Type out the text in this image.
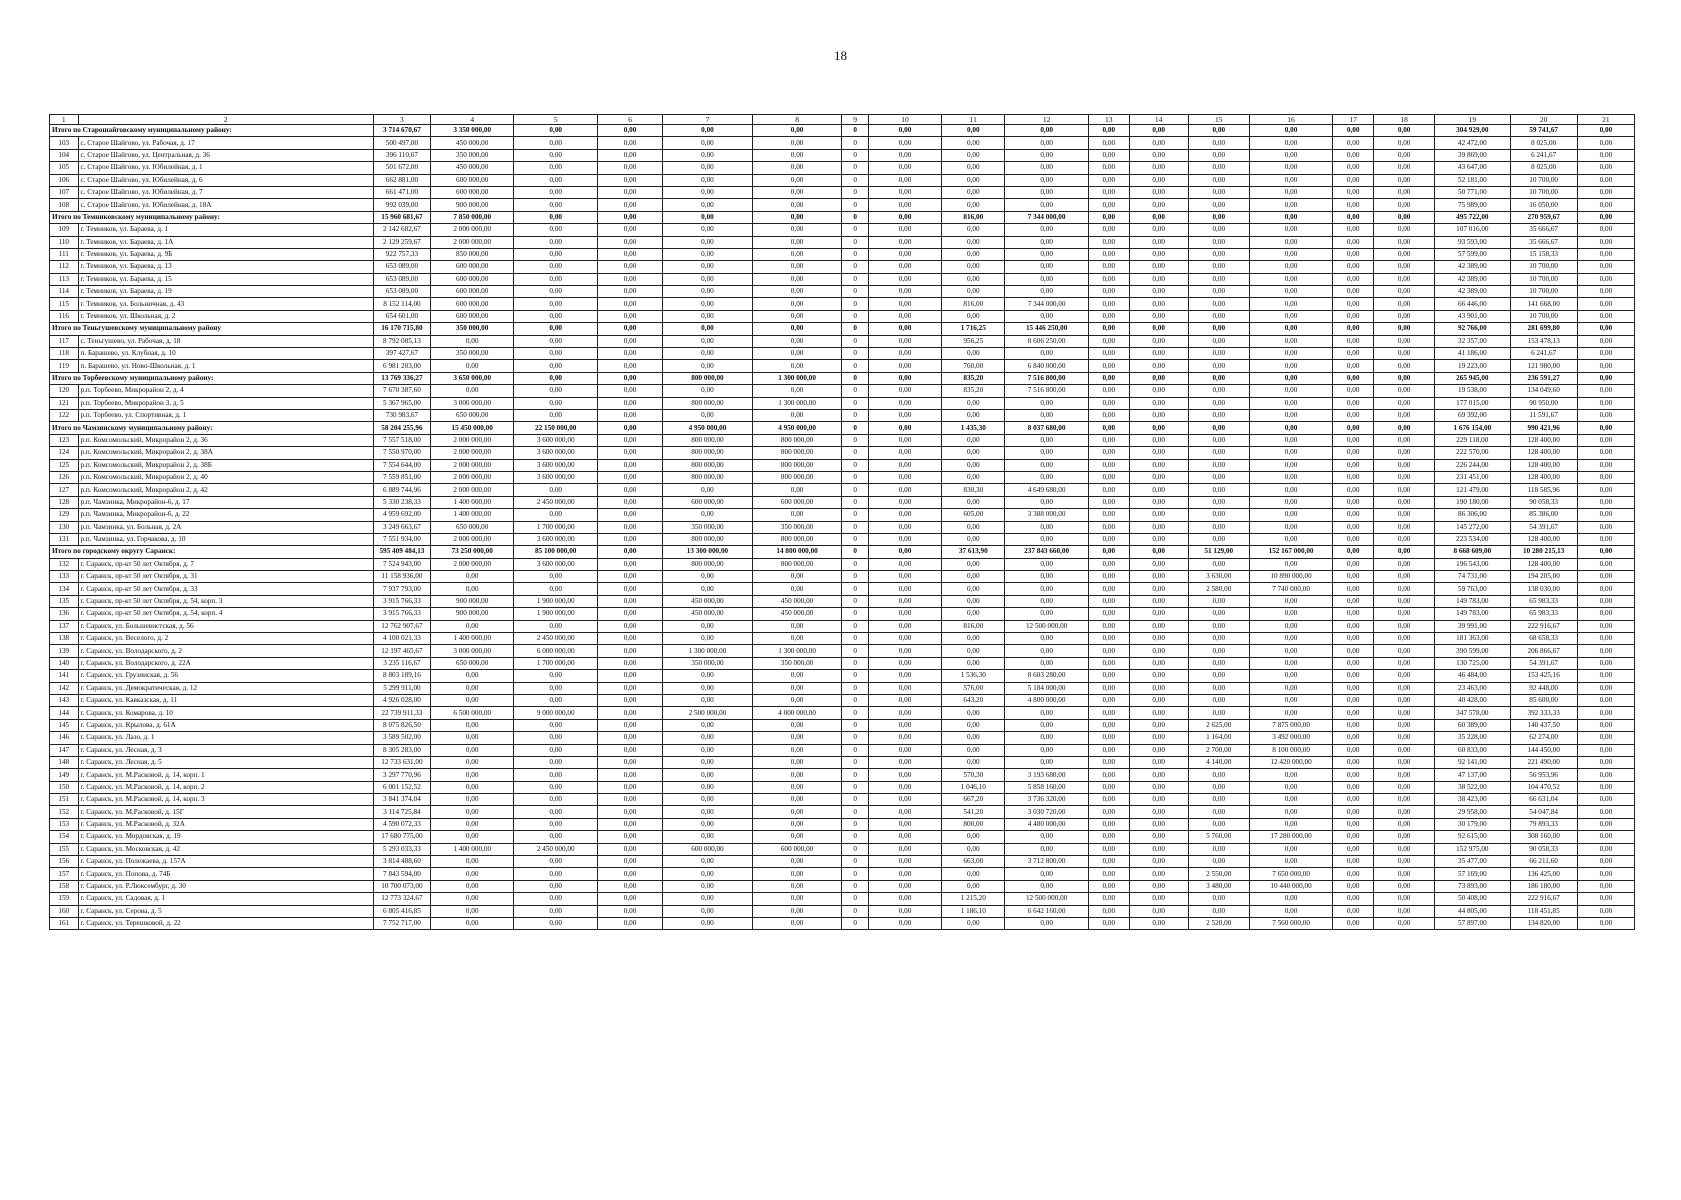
18
1	2	3	4	5	6	7	8	9	10	11	12	13	14	15	16	17	18	19	20	21
Итого по Старошайговскому муниципальному району:		3 714 670,67	3 350 000,00	0,00	0,00	0,00	0,00	0	0,00	0,00	0,00	0,00	0,00	0,00	0,00	0,00	0,00	304 929,00	59 741,67	0,00
103	с. Старое Шайгово, ул. Рабочая, д. 17	500 497,00	450 000,00	0,00	0,00	0,00	0,00	0	0,00	0,00	0,00	0,00	0,00	0,00	0,00	0,00	0,00	42 472,00	8 025,00	0,00
104	с. Старое Шайгово, ул. Центральная, д. 36	396 110,67	350 000,00	0,00	0,00	0,00	0,00	0	0,00	0,00	0,00	0,00	0,00	0,00	0,00	0,00	0,00	39 869,00	6 241,67	0,00
105	с. Старое Шайгово, ул. Юбилейная, д. 1	501 672,00	450 000,00	0,00	0,00	0,00	0,00	0	0,00	0,00	0,00	0,00	0,00	0,00	0,00	0,00	0,00	43 647,00	8 025,00	0,00
106	с. Старое Шайгово, ул. Юбилейная, д. 6	662 881,00	600 000,00	0,00	0,00	0,00	0,00	0	0,00	0,00	0,00	0,00	0,00	0,00	0,00	0,00	0,00	52 181,00	10 700,00	0,00
107	с. Старое Шайгово, ул. Юбилейная, д. 7	661 471,00	600 000,00	0,00	0,00	0,00	0,00	0	0,00	0,00	0,00	0,00	0,00	0,00	0,00	0,00	0,00	50 771,00	10 700,00	0,00
108	с. Старое Шайгово, ул. Юбилейная, д. 18А	992 039,00	900 000,00	0,00	0,00	0,00	0,00	0	0,00	0,00	0,00	0,00	0,00	0,00	0,00	0,00	0,00	75 989,00	16 050,00	0,00
Итого по Темниковскому муниципальному району:		15 960 681,67	7 850 000,00	0,00	0,00	0,00	0,00	0	0,00	816,00	7 344 000,00	0,00	0,00	0,00	0,00	0,00	0,00	495 722,00	270 959,67	0,00
109	г. Темников, ул. Бараева, д. 1	2 142 682,67	2 000 000,00	0,00	0,00	0,00	0,00	0	0,00	0,00	0,00	0,00	0,00	0,00	0,00	0,00	0,00	107 016,00	35 666,67	0,00
110	г. Темников, ул. Бараева, д. 1А	2 129 259,67	2 000 000,00	0,00	0,00	0,00	0,00	0	0,00	0,00	0,00	0,00	0,00	0,00	0,00	0,00	0,00	93 593,00	35 666,67	0,00
111	г. Темников, ул. Бараева, д. 9Б	922 757,33	850 000,00	0,00	0,00	0,00	0,00	0	0,00	0,00	0,00	0,00	0,00	0,00	0,00	0,00	0,00	57 599,00	15 158,33	0,00
112	г. Темников, ул. Бараева, д. 13	653 089,00	600 000,00	0,00	0,00	0,00	0,00	0	0,00	0,00	0,00	0,00	0,00	0,00	0,00	0,00	0,00	42 389,00	10 700,00	0,00
113	г. Темников, ул. Бараева, д. 15	653 089,00	600 000,00	0,00	0,00	0,00	0,00	0	0,00	0,00	0,00	0,00	0,00	0,00	0,00	0,00	0,00	42 389,00	10 700,00	0,00
114	г. Темников, ул. Бараева, д. 19	653 089,00	600 000,00	0,00	0,00	0,00	0,00	0	0,00	0,00	0,00	0,00	0,00	0,00	0,00	0,00	0,00	42 389,00	10 700,00	0,00
115	г. Темников, ул. Больничная, д. 43	8 152 114,00	600 000,00	0,00	0,00	0,00	0,00	0	0,00	816,00	7 344 000,00	0,00	0,00	0,00	0,00	0,00	0,00	66 446,00	141 668,00	0,00
116	г. Темников, ул. Школьная, д. 2	654 601,00	600 000,00	0,00	0,00	0,00	0,00	0	0,00	0,00	0,00	0,00	0,00	0,00	0,00	0,00	0,00	43 901,00	10 700,00	0,00
Итого по Теньгушевскому муниципальному району		16 170 715,80	350 000,00	0,00	0,00	0,00	0,00	0	0,00	1 716,25	15 446 250,00	0,00	0,00	0,00	0,00	0,00	0,00	92 766,00	281 699,80	0,00
117	с. Теньгушево, ул. Рабочая, д. 18	8 792 085,13	0,00	0,00	0,00	0,00	0,00	0	0,00	956,25	8 606 250,00	0,00	0,00	0,00	0,00	0,00	0,00	32 357,00	153 478,13	0,00
118	п. Барашево, ул. Клубная, д. 10	397 427,67	350 000,00	0,00	0,00	0,00	0,00	0	0,00	0,00	0,00	0,00	0,00	0,00	0,00	0,00	0,00	41 186,00	6 241,67	0,00
119	п. Барашево, ул. Ново-Школьная, д. 1	6 981 203,00	0,00	0,00	0,00	0,00	0,00	0	0,00	760,00	6 840 000,00	0,00	0,00	0,00	0,00	0,00	0,00	19 223,00	121 980,00	0,00
Итого по Торбеевскому муниципальному району:		13 769 336,27	3 650 000,00	0,00	0,00	800 000,00	1 300 000,00	0	0,00	835,20	7 516 800,00	0,00	0,00	0,00	0,00	0,00	0,00	265 945,00	236 591,27	0,00
120	р.п. Торбеево, Микрорайон 2, д. 4	7 670 387,60	0,00	0,00	0,00	0,00	0,00	0	0,00	835,20	7 516 800,00	0,00	0,00	0,00	0,00	0,00	0,00	19 538,00	134 049,60	0,00
121	р.п. Торбеево, Микрорайон 3, д. 5	5 367 965,00	3 000 000,00	0,00	0,00	800 000,00	1 300 000,00	0	0,00	0,00	0,00	0,00	0,00	0,00	0,00	0,00	0,00	177 015,00	90 950,00	0,00
122	р.п. Торбеево, ул. Спортивная, д. 1	730 983,67	650 000,00	0,00	0,00	0,00	0,00	0	0,00	0,00	0,00	0,00	0,00	0,00	0,00	0,00	0,00	69 392,00	11 591,67	0,00
Итого по Чамзинскому муниципальному району:		58 204 255,96	15 450 000,00	22 150 000,00	0,00	4 950 000,00	4 950 000,00	0	0,00	1 435,30	8 037 680,00	0,00	0,00	0,00	0,00	0,00	0,00	1 676 154,00	990 421,96	0,00
123	р.п. Комсомольский, Микрорайон 2, д. 36	7 557 518,00	2 000 000,00	3 600 000,00	0,00	800 000,00	800 000,00	0	0,00	0,00	0,00	0,00	0,00	0,00	0,00	0,00	0,00	229 118,00	128 400,00	0,00
124	р.п. Комсомольский, Микрорайон 2, д. 38А	7 550 970,00	2 000 000,00	3 600 000,00	0,00	800 000,00	800 000,00	0	0,00	0,00	0,00	0,00	0,00	0,00	0,00	0,00	0,00	222 570,00	128 400,00	0,00
125	р.п. Комсомольский, Микрорайон 2, д. 38Б	7 554 644,00	2 000 000,00	3 600 000,00	0,00	800 000,00	800 000,00	0	0,00	0,00	0,00	0,00	0,00	0,00	0,00	0,00	0,00	226 244,00	128 400,00	0,00
126	р.п. Комсомольский, Микрорайон 2, д. 40	7 559 851,00	2 000 000,00	3 600 000,00	0,00	800 000,00	800 000,00	0	0,00	0,00	0,00	0,00	0,00	0,00	0,00	0,00	0,00	231 451,00	128 400,00	0,00
127	р.п. Комсомольский, Микрорайон 2, д. 42	6 889 744,96	2 000 000,00	0,00	0,00	0,00	0,00	0	0,00	830,30	4 649 680,00	0,00	0,00	0,00	0,00	0,00	0,00	121 479,00	118 585,96	0,00
128	р.п. Чамзинка, Микрорайон-6, д. 17	5 330 238,33	1 400 000,00	2 450 000,00	0,00	600 000,00	600 000,00	0	0,00	0,00	0,00	0,00	0,00	0,00	0,00	0,00	0,00	190 180,00	90 058,33	0,00
129	р.п. Чамзинка, Микрорайон-6, д. 22	4 959 692,00	1 400 000,00	0,00	0,00	0,00	0,00	0	0,00	605,00	3 388 000,00	0,00	0,00	0,00	0,00	0,00	0,00	86 306,00	85 386,00	0,00
130	р.п. Чамзинка, ул. Больная, д. 2А	3 249 663,67	650 000,00	1 700 000,00	0,00	350 000,00	350 000,00	0	0,00	0,00	0,00	0,00	0,00	0,00	0,00	0,00	0,00	145 272,00	54 391,67	0,00
131	р.п. Чамзинка, ул. Горчакова, д. 10	7 551 934,00	2 000 000,00	3 600 000,00	0,00	800 000,00	800 000,00	0	0,00	0,00	0,00	0,00	0,00	0,00	0,00	0,00	0,00	223 534,00	128 400,00	0,00
Итого по городскому округу Саранск:		595 409 484,13	73 250 000,00	85 100 000,00	0,00	13 300 000,00	14 800 000,00	0	0,00	37 613,90	237 843 660,00	0,00	0,00	51 129,00	152 167 000,00	0,00	0,00	8 668 609,00	10 280 215,13	0,00
132	г. Саранск, пр-кт 50 лет Октября, д. 7	7 524 943,00	2 000 000,00	3 600 000,00	0,00	800 000,00	800 000,00	0	0,00	0,00	0,00	0,00	0,00	0,00	0,00	0,00	0,00	196 543,00	128 400,00	0,00
133	г. Саранск, пр-кт 50 лет Октября, д. 31	11 158 936,00	0,00	0,00	0,00	0,00	0,00	0	0,00	0,00	0,00	0,00	0,00	3 630,00	10 890 000,00	0,00	0,00	74 731,00	194 205,00	0,00
134	г. Саранск, пр-кт 50 лет Октября, д. 33	7 937 793,00	0,00	0,00	0,00	0,00	0,00	0	0,00	0,00	0,00	0,00	0,00	2 580,00	7 740 000,00	0,00	0,00	59 763,00	138 030,00	0,00
135	г. Саранск, пр-кт 50 лет Октября, д. 54, корп. 3	3 915 766,33	900 000,00	1 900 000,00	0,00	450 000,00	450 000,00	0	0,00	0,00	0,00	0,00	0,00	0,00	0,00	0,00	0,00	149 783,00	65 983,33	0,00
136	г. Саранск, пр-кт 50 лет Октября, д. 54, корп. 4	3 915 766,33	900 000,00	1 900 000,00	0,00	450 000,00	450 000,00	0	0,00	0,00	0,00	0,00	0,00	0,00	0,00	0,00	0,00	149 783,00	65 983,33	0,00
137	г. Саранск, ул. Большевистская, д. 56	12 762 907,67	0,00	0,00	0,00	0,00	0,00	0	0,00	816,00	12 500 000,00	0,00	0,00	0,00	0,00	0,00	0,00	39 991,00	222 916,67	0,00
138	г. Саранск, ул. Веселого, д. 2	4 100 021,33	1 400 000,00	2 450 000,00	0,00	0,00	0,00	0	0,00	0,00	0,00	0,00	0,00	0,00	0,00	0,00	0,00	181 363,00	68 658,33	0,00
139	г. Саранск, ул. Володарского, д. 2	12 197 465,67	3 000 000,00	6 000 000,00	0,00	1 300 000,00	1 300 000,00	0	0,00	0,00	0,00	0,00	0,00	0,00	0,00	0,00	0,00	390 599,00	206 866,67	0,00
140	г. Саранск, ул. Володарского, д. 22А	3 235 116,67	650 000,00	1 700 000,00	0,00	350 000,00	350 000,00	0	0,00	0,00	0,00	0,00	0,00	0,00	0,00	0,00	0,00	130 725,00	54 391,67	0,00
141	г. Саранск, ул. Грузинская, д. 56	8 803 189,16	0,00	0,00	0,00	0,00	0,00	0	0,00	1 536,30	8 603 280,00	0,00	0,00	0,00	0,00	0,00	0,00	46 484,00	153 425,16	0,00
142	г. Саранск, ул. Демократическая, д. 12	5 299 911,00	0,00	0,00	0,00	0,00	0,00	0	0,00	576,00	5 184 000,00	0,00	0,00	0,00	0,00	0,00	0,00	23 463,00	92 448,00	0,00
143	г. Саранск, ул. Кавказская, д. 11	4 926 028,00	0,00	0,00	0,00	0,00	0,00	0	0,00	643,20	4 800 000,00	0,00	0,00	0,00	0,00	0,00	0,00	40 428,00	85 600,00	0,00
144	г. Саранск, ул. Комарова, д. 10	22 739 911,33	6 500 000,00	9 000 000,00	0,00	2 500 000,00	4 000 000,00	0	0,00	0,00	0,00	0,00	0,00	0,00	0,00	0,00	0,00	347 578,00	392 333,33	0,00
145	г. Саранск, ул. Крылова, д. 61А	8 075 826,50	0,00	0,00	0,00	0,00	0,00	0	0,00	0,00	0,00	0,00	0,00	2 625,00	7 875 000,00	0,00	0,00	60 389,00	140 437,50	0,00
146	г. Саранск, ул. Лазо, д. 1	3 589 502,00	0,00	0,00	0,00	0,00	0,00	0	0,00	0,00	0,00	0,00	0,00	1 164,00	3 492 000,00	0,00	0,00	35 228,00	62 274,00	0,00
147	г. Саранск, ул. Лесная, д. 3	8 305 283,00	0,00	0,00	0,00	0,00	0,00	0	0,00	0,00	0,00	0,00	0,00	2 700,00	8 100 000,00	0,00	0,00	60 833,00	144 450,00	0,00
148	г. Саранск, ул. Лесная, д. 5	12 733 631,00	0,00	0,00	0,00	0,00	0,00	0	0,00	0,00	0,00	0,00	0,00	4 140,00	12 420 000,00	0,00	0,00	92 141,00	221 490,00	0,00
149	г. Саранск, ул. М.Расковой, д. 14, корп. 1	3 297 770,96	0,00	0,00	0,00	0,00	0,00	0	0,00	570,30	3 193 680,00	0,00	0,00	0,00	0,00	0,00	0,00	47 137,00	56 953,96	0,00
150	г. Саранск, ул. М.Расковой, д. 14, корп. 2	6 001 152,52	0,00	0,00	0,00	0,00	0,00	0	0,00	1 046,10	5 858 160,00	0,00	0,00	0,00	0,00	0,00	0,00	38 522,00	104 470,52	0,00
151	г. Саранск, ул. М.Расковой, д. 14, корп. 3	3 841 374,04	0,00	0,00	0,00	0,00	0,00	0	0,00	667,20	3 736 320,00	0,00	0,00	0,00	0,00	0,00	0,00	38 423,00	66 631,04	0,00
152	г. Саранск, ул. М.Расковой, д. 15Г	3 114 725,84	0,00	0,00	0,00	0,00	0,00	0	0,00	541,20	3 030 720,00	0,00	0,00	0,00	0,00	0,00	0,00	29 958,00	54 047,84	0,00
153	г. Саранск, ул. М.Расковой, д. 32А	4 590 072,33	0,00	0,00	0,00	0,00	0,00	0	0,00	800,00	4 480 000,00	0,00	0,00	0,00	0,00	0,00	0,00	30 179,00	79 893,33	0,00
154	г. Саранск, ул. Мордовская, д. 19	17 680 775,00	0,00	0,00	0,00	0,00	0,00	0	0,00	0,00	0,00	0,00	0,00	5 760,00	17 280 000,00	0,00	0,00	92 615,00	308 160,00	0,00
155	г. Саранск, ул. Московская, д. 42	5 293 033,33	1 400 000,00	2 450 000,00	0,00	600 000,00	600 000,00	0	0,00	0,00	0,00	0,00	0,00	0,00	0,00	0,00	0,00	152 975,00	90 058,33	0,00
156	г. Саранск, ул. Полежаева, д. 157А	3 814 488,60	0,00	0,00	0,00	0,00	0,00	0	0,00	663,00	3 712 800,00	0,00	0,00	0,00	0,00	0,00	0,00	35 477,00	66 211,60	0,00
157	г. Саранск, ул. Попова, д. 74Б	7 843 594,00	0,00	0,00	0,00	0,00	0,00	0	0,00	0,00	0,00	0,00	0,00	2 550,00	7 650 000,00	0,00	0,00	57 169,00	136 425,00	0,00
158	г. Саранск, ул. Р.Люксембург, д. 30	10 700 073,00	0,00	0,00	0,00	0,00	0,00	0	0,00	0,00	0,00	0,00	0,00	3 480,00	10 440 000,00	0,00	0,00	73 893,00	186 180,00	0,00
159	г. Саранск, ул. Садовая, д. 1	12 773 324,67	0,00	0,00	0,00	0,00	0,00	0	0,00	1 215,20	12 500 000,00	0,00	0,00	0,00	0,00	0,00	0,00	50 408,00	222 916,67	0,00
160	г. Саранск, ул. Серова, д. 5	6 805 416,85	0,00	0,00	0,00	0,00	0,00	0	0,00	1 186,10	6 642 160,00	0,00	0,00	0,00	0,00	0,00	0,00	44 805,00	118 451,85	0,00
161	г. Саранск, ул. Терешковой, д. 22	7 752 717,00	0,00	0,00	0,00	0,00	0,00	0	0,00	0,00	0,00	0,00	0,00	2 520,00	7 560 000,00	0,00	0,00	57 897,00	134 820,00	0,00
